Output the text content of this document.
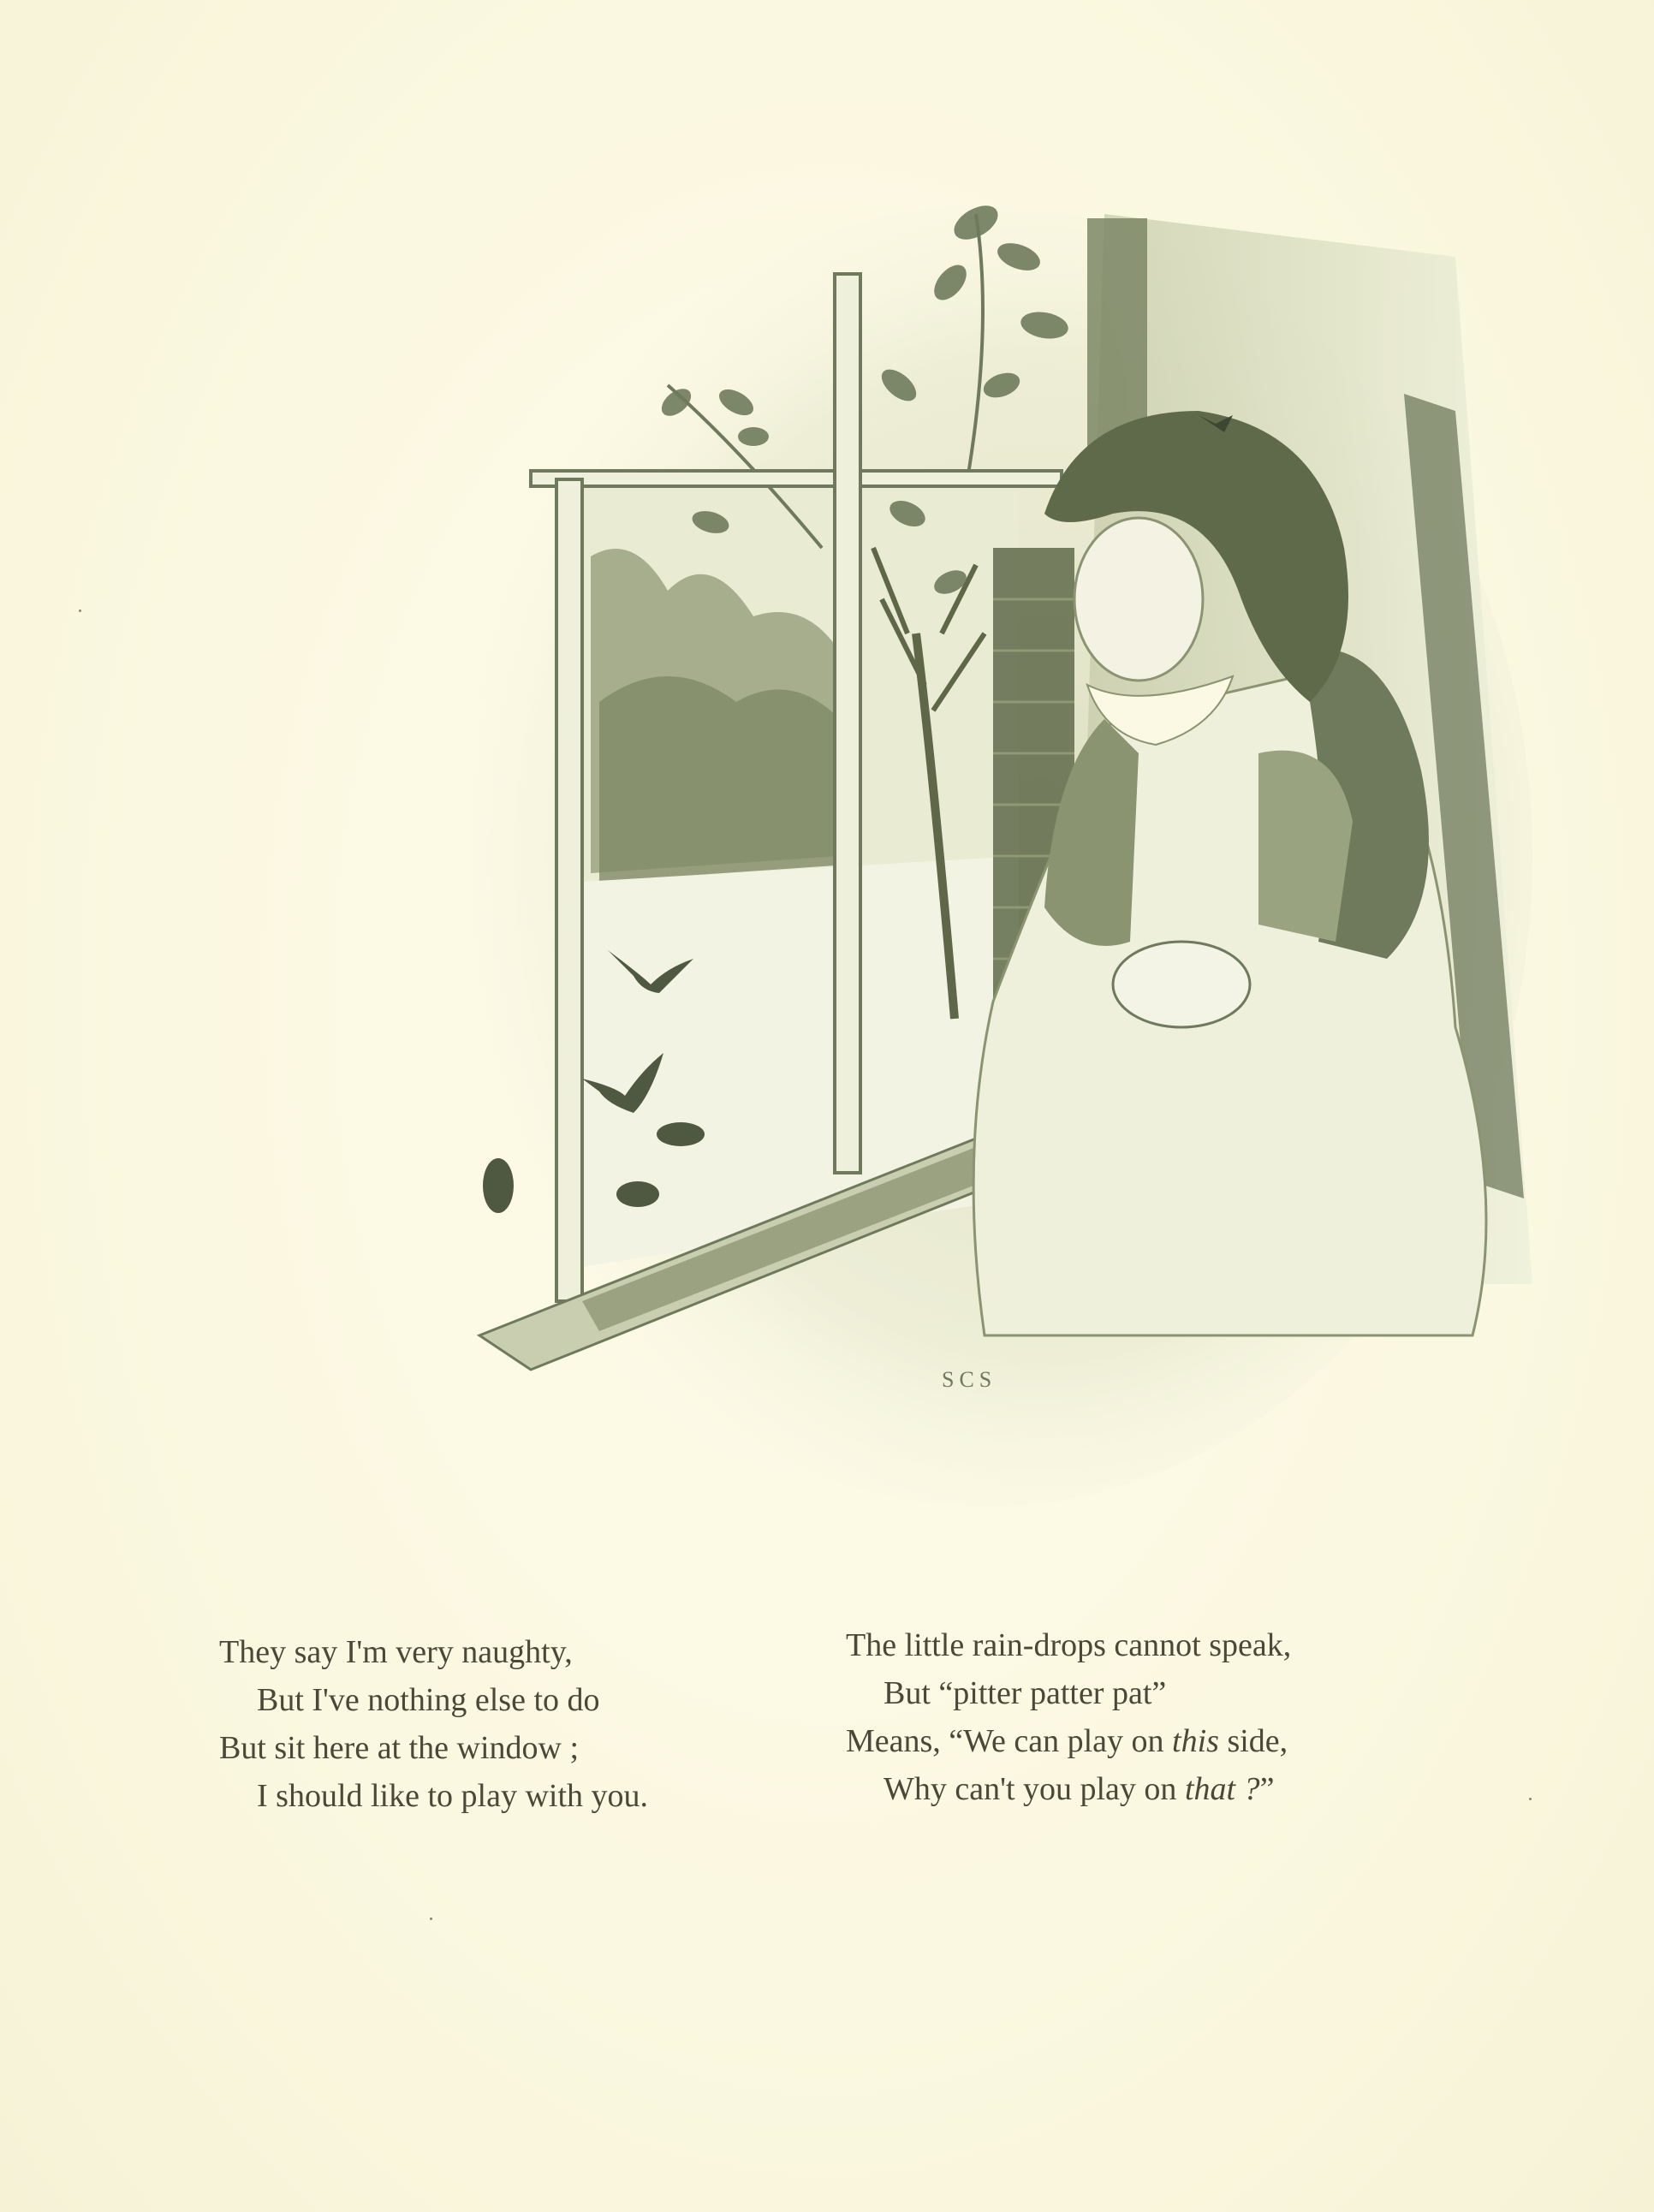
SCS
They say I'm very naughty,
But I've nothing else to do
But sit here at the window ;
I should like to play with you.
The little rain-drops cannot speak,
But “pitter patter pat”
Means, “We can play on this side,
Why can't you play on that ?”
